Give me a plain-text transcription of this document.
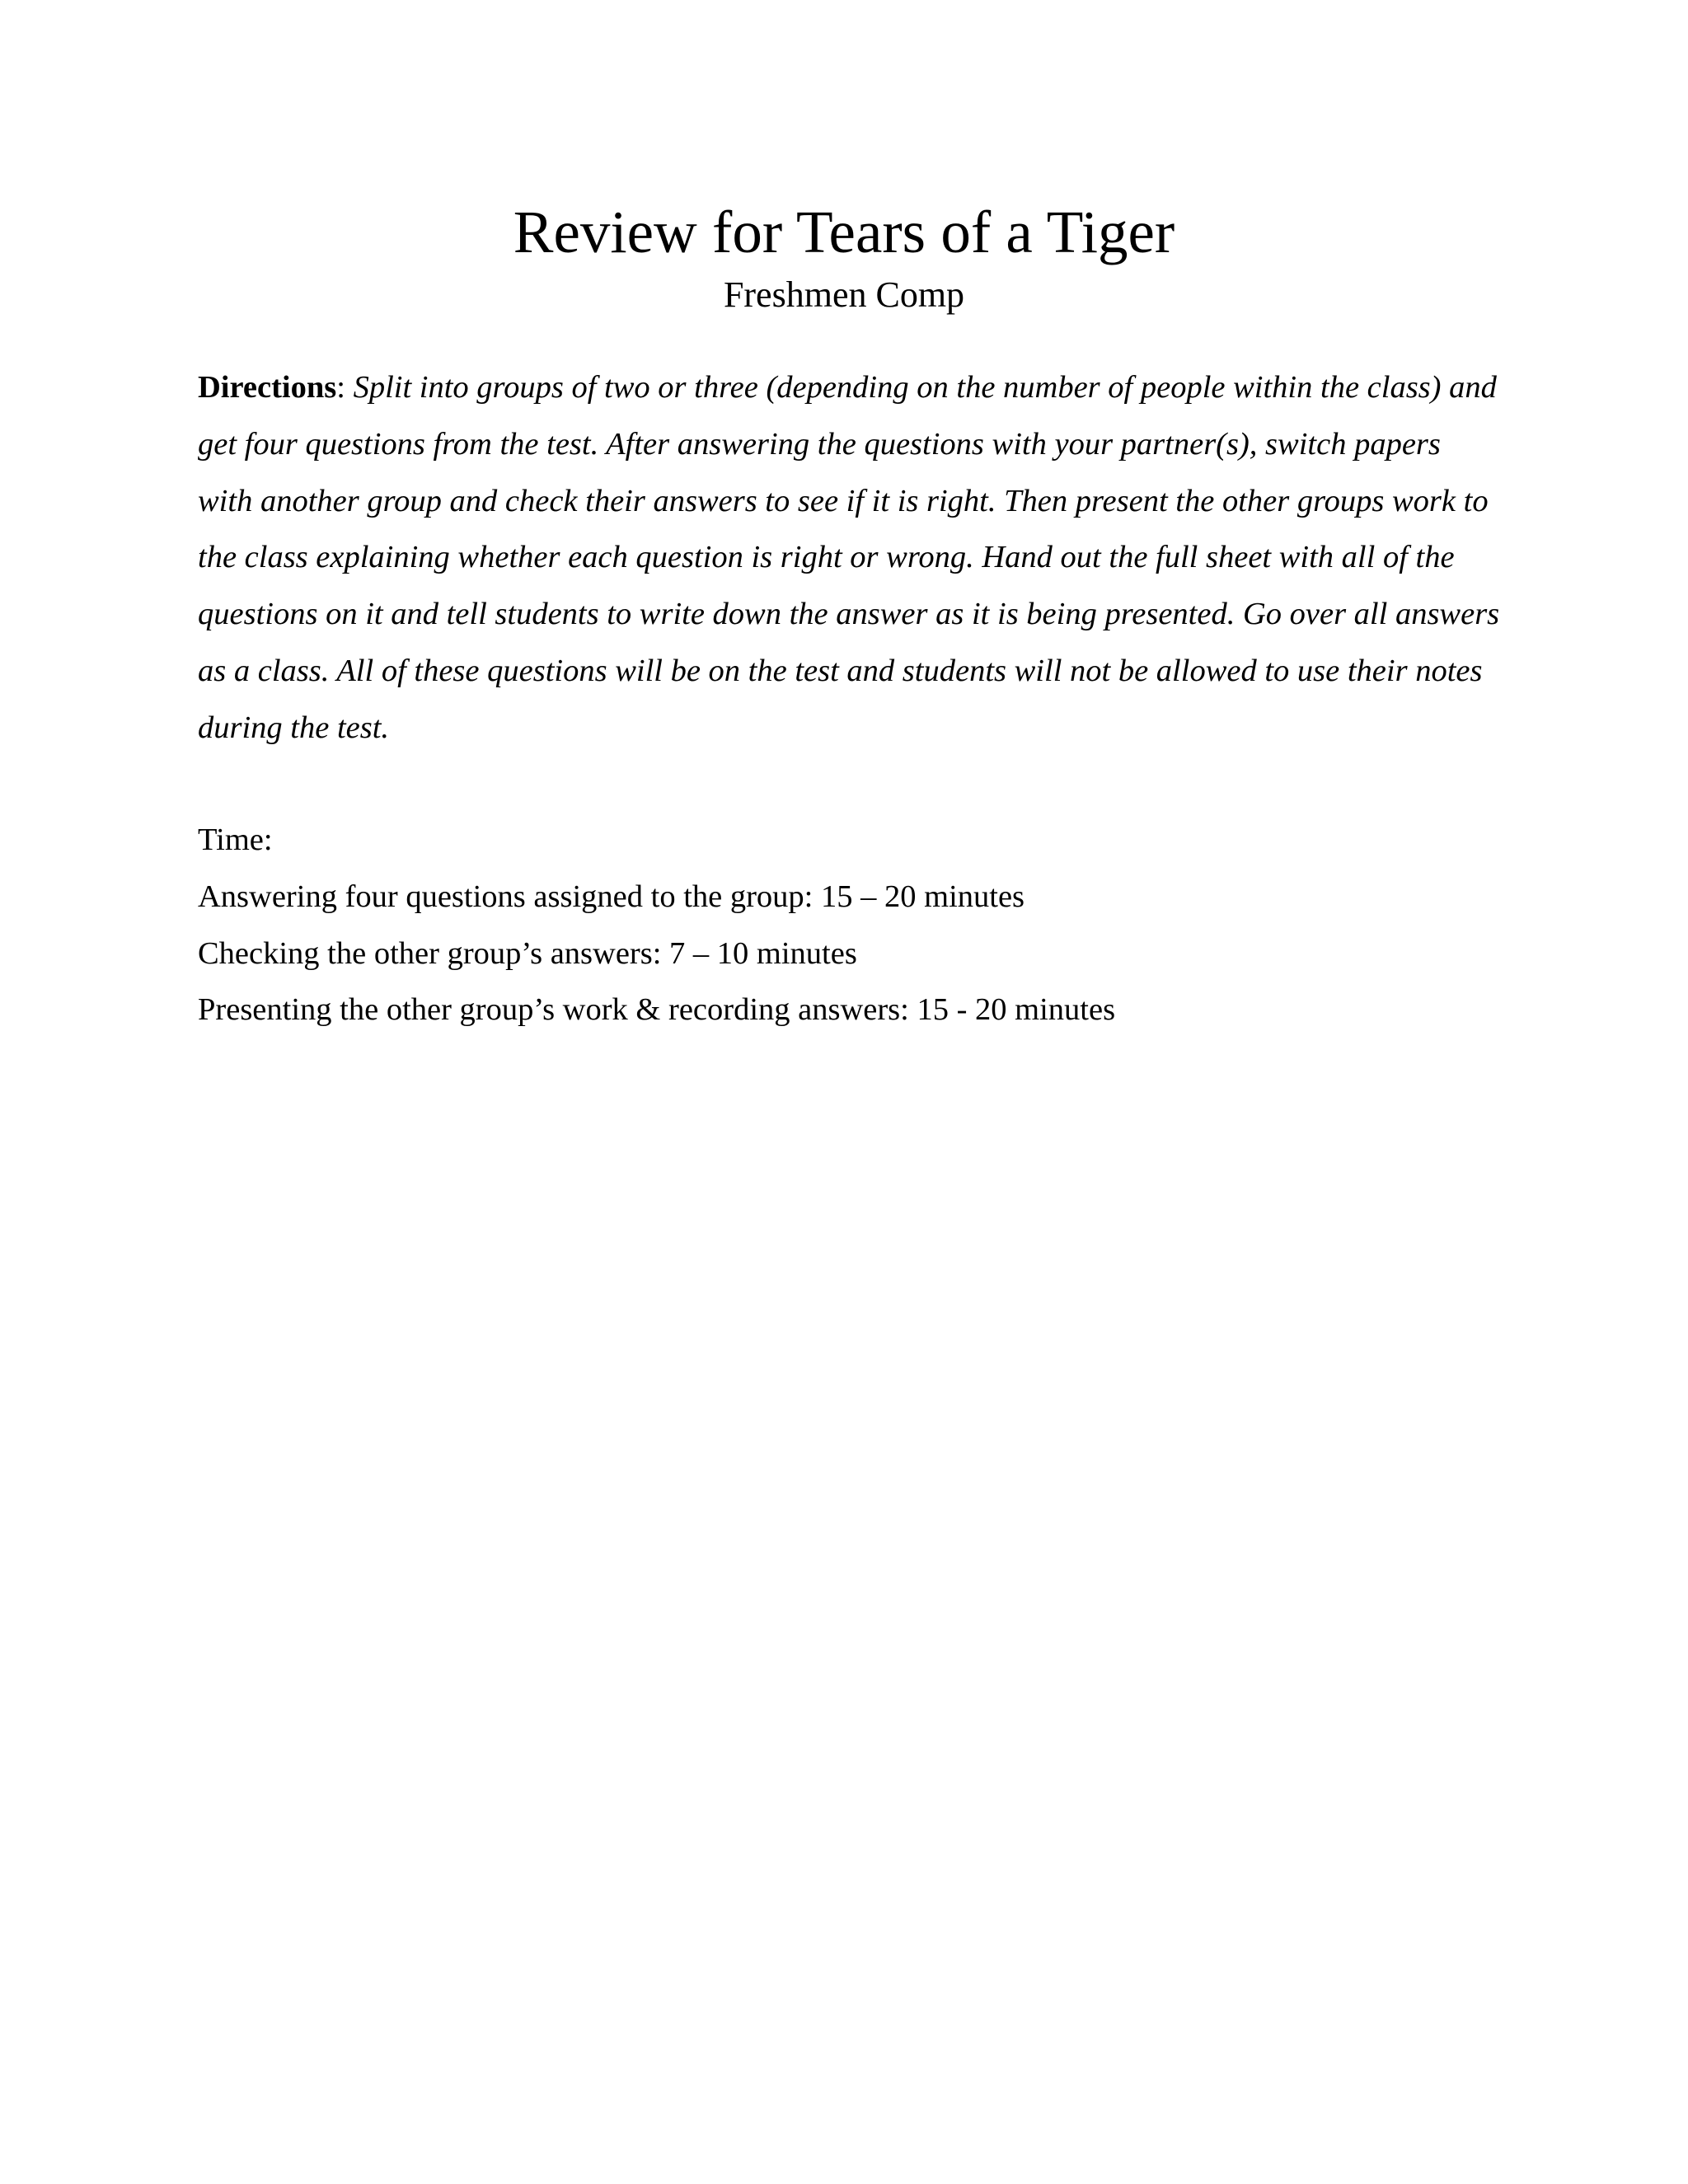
Review for Tears of a Tiger

Freshmen Comp

Directions: Split into groups of two or three (depending on the number of people within the class) and get four questions from the test. After answering the questions with your partner(s), switch papers with another group and check their answers to see if it is right. Then present the other groups work to the class explaining whether each question is right or wrong. Hand out the full sheet with all of the questions on it and tell students to write down the answer as it is being presented. Go over all answers as a class. All of these questions will be on the test and students will not be allowed to use their notes during the test.

Time:

Answering four questions assigned to the group: 15 – 20 minutes

Checking the other group’s answers: 7 – 10 minutes

Presenting the other group’s work & recording answers: 15 - 20 minutes
